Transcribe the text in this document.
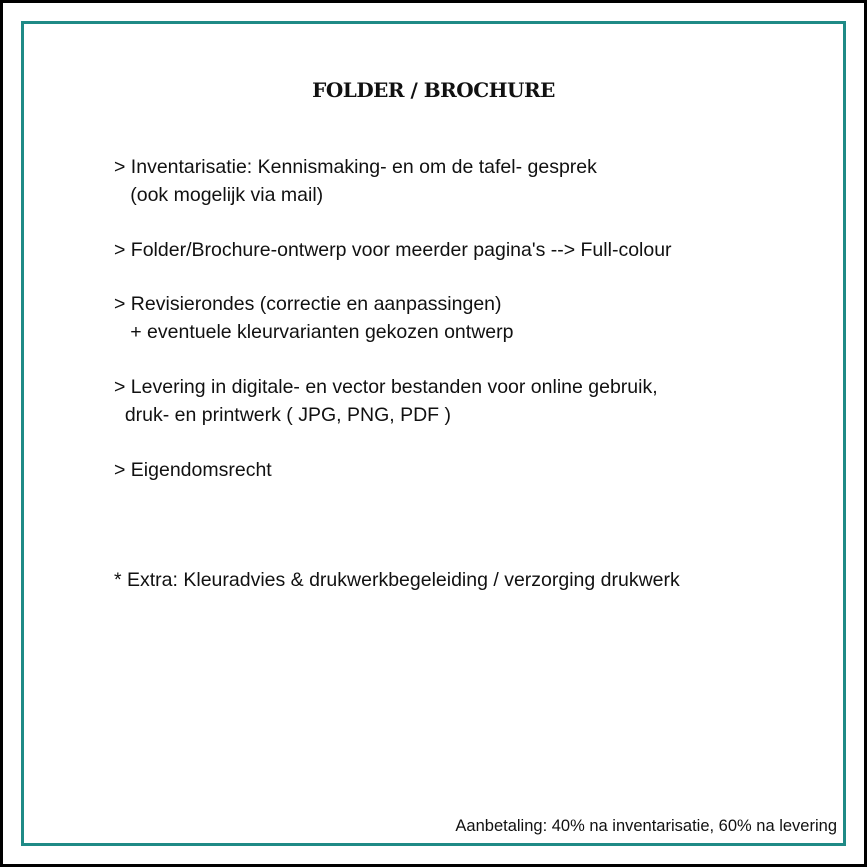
FOLDER / BROCHURE
> Inventarisatie: Kennismaking- en om de tafel- gesprek
(ook mogelijk via mail)
> Folder/Brochure-ontwerp voor meerder pagina's --> Full-colour
> Revisierondes (correctie en aanpassingen)
+ eventuele kleurvarianten gekozen ontwerp
> Levering in digitale- en vector bestanden voor online gebruik,
druk- en printwerk ( JPG, PNG, PDF )
> Eigendomsrecht
* Extra: Kleuradvies & drukwerkbegeleiding / verzorging drukwerk
Aanbetaling: 40% na inventarisatie, 60% na levering
